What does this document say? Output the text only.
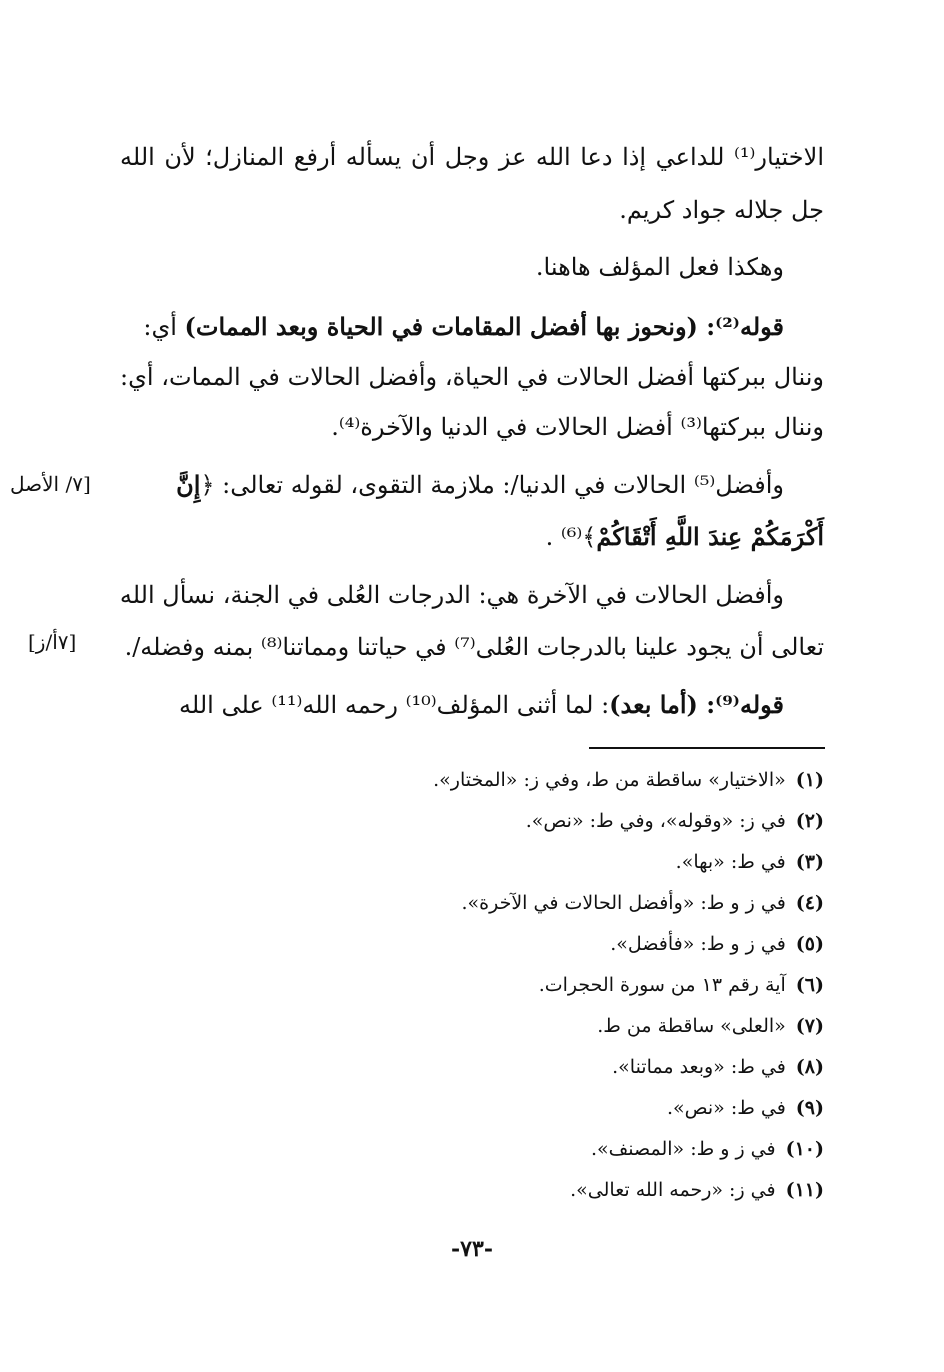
الاختيار⁽¹⁾ للداعي إذا دعا الله عز وجل أن يسأله أرفع المنازل؛ لأن الله
جل جلاله جواد كريم.
وهكذا فعل المؤلف هاهنا.
قوله⁽²⁾: (ونحوز بها أفضل المقامات في الحياة وبعد الممات) أي:
وننال ببركتها أفضل الحالات في الحياة، وأفضل الحالات في الممات، أي:
وننال ببركتها⁽³⁾ أفضل الحالات في الدنيا والآخرة⁽⁴⁾.
وأفضل⁽⁵⁾ الحالات في الدنيا/: ملازمة التقوى، لقوله تعالى: ﴿إِنَّ
أَكْرَمَكُمْ عِندَ اللَّهِ أَتْقَاكُمْ﴾⁽⁶⁾ .
وأفضل الحالات في الآخرة هي: الدرجات العُلى في الجنة، نسأل الله
تعالى أن يجود علينا بالدرجات العُلى⁽⁷⁾ في حياتنا ومماتنا⁽⁸⁾ بمنه وفضله/.
قوله⁽⁹⁾: (أما بعد): لما أثنى المؤلف⁽¹⁰⁾ رحمه الله⁽¹¹⁾ على الله
[٧/ الأصل
[٧أ/ز]
(١)«الاختيار» ساقطة من ط، وفي ز: «المختار».
(٢)في ز: «وقوله»، وفي ط: «نص».
(٣)في ط: «بها».
(٤)في ز و ط: «وأفضل الحالات في الآخرة».
(٥)في ز و ط: «فأفضل».
(٦)آية رقم ١٣ من سورة الحجرات.
(٧)«العلى» ساقطة من ط.
(٨)في ط: «وبعد مماتنا».
(٩)في ط: «نص».
(١٠)في ز و ط: «المصنف».
(١١)في ز: «رحمه الله تعالى».
-٧٣-
